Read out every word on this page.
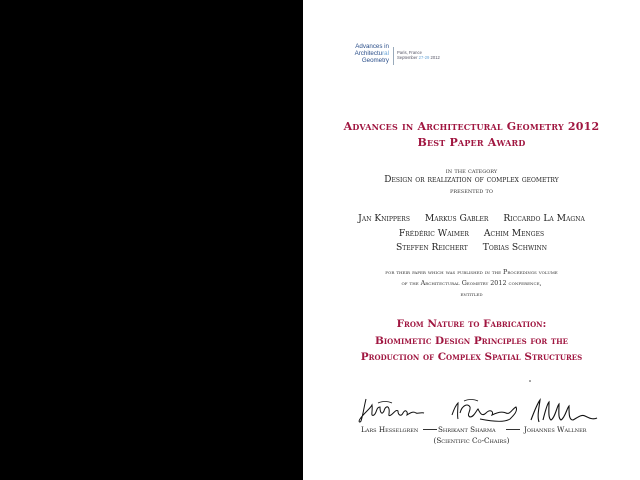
Advances in
Architectural
Geometry
Paris, France
September 27-29 2012
Advances in Architectural Geometry 2012
Best Paper Award
in the category
Design or realization of complex geometry
presented to
Jan Knippers Markus Gabler Riccardo La Magna
Frédéric Waimer Achim Menges
Steffen Reichert Tobias Schwinn
for their paper which was published in the Proceedings volume
of the Architectural Geometry 2012 conference,
entitled
From Nature to Fabrication:
Biomimetic Design Principles for the
Production of Complex Spatial Structures
Lars Hesselgren	Shrikant Sharma	Johannes Wallner
(Scientific Co-Chairs)
